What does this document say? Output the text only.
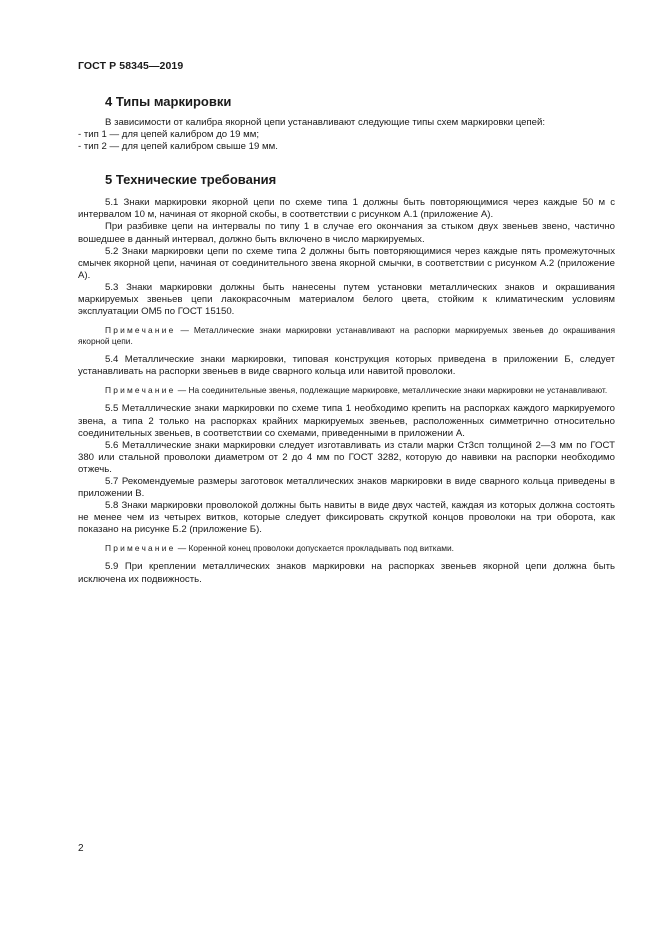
ГОСТ Р 58345—2019
4 Типы маркировки

В зависимости от калибра якорной цепи устанавливают следующие типы схем маркировки цепей:

- тип 1 — для цепей калибром до 19 мм;
- тип 2 — для цепей калибром свыше 19 мм.
5 Технические требования

5.1 Знаки маркировки якорной цепи по схеме типа 1 должны быть повторяющимися через каждые 50 м с интервалом 10 м, начиная от якорной скобы, в соответствии с рисунком А.1 (приложение А).

При разбивке цепи на интервалы по типу 1 в случае его окончания за стыком двух звеньев звено, частично вошедшее в данный интервал, должно быть включено в число маркируемых.

5.2 Знаки маркировки цепи по схеме типа 2 должны быть повторяющимися через каждые пять промежуточных смычек якорной цепи, начиная от соединительного звена якорной смычки, в соответствии с рисунком А.2 (приложение А).

5.3 Знаки маркировки должны быть нанесены путем установки металлических знаков и окрашивания маркируемых звеньев цепи лакокрасочным материалом белого цвета, стойким к климатическим условиям эксплуатации ОМ5 по ГОСТ 15150.

Примечание — Металлические знаки маркировки устанавливают на распорки маркируемых звеньев до окрашивания якорной цепи.

5.4 Металлические знаки маркировки, типовая конструкция которых приведена в приложении Б, следует устанавливать на распорки звеньев в виде сварного кольца или навитой проволоки.

Примечание — На соединительные звенья, подлежащие маркировке, металлические знаки маркировки не устанавливают.

5.5 Металлические знаки маркировки по схеме типа 1 необходимо крепить на распорках каждого маркируемого звена, а типа 2 только на распорках крайних маркируемых звеньев, расположенных симметрично относительно соединительных звеньев, в соответствии со схемами, приведенными в приложении А.

5.6 Металлические знаки маркировки следует изготавливать из стали марки Ст3сп толщиной 2—3 мм по ГОСТ 380 или стальной проволоки диаметром от 2 до 4 мм по ГОСТ 3282, которую до навивки на распорки необходимо отжечь.

5.7 Рекомендуемые размеры заготовок металлических знаков маркировки в виде сварного кольца приведены в приложении В.

5.8 Знаки маркировки проволокой должны быть навиты в виде двух частей, каждая из которых должна состоять не менее чем из четырех витков, которые следует фиксировать скруткой концов проволоки на три оборота, как показано на рисунке Б.2 (приложение Б).

Примечание — Коренной конец проволоки допускается прокладывать под витками.

5.9 При креплении металлических знаков маркировки на распорках звеньев якорной цепи должна быть исключена их подвижность.

2
